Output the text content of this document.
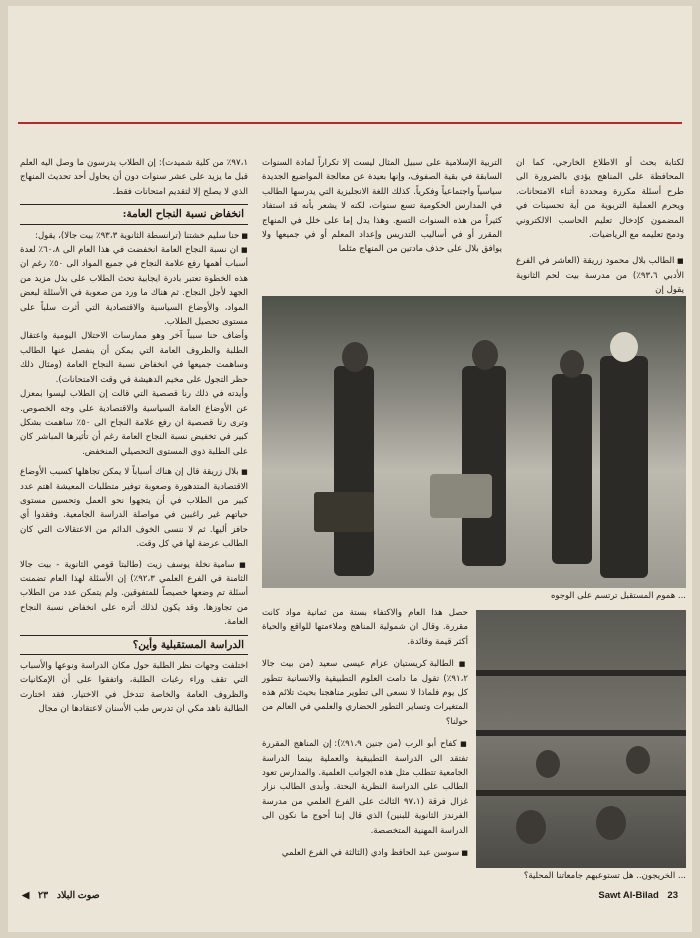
لكتابة بحث أو الاطلاع الخارجي، كما ان المحافظة على المناهج يؤدي بالضرورة الى طرح أسئلة مكررة ومحددة أثناء الامتحانات. ويحرم العملية التربوية من أية تحسينات في المضمون كإدخال تعليم الحاسب الالكتروني ودمج تعليمه مع الرياضيات.

■ الطالب بلال محمود زريقة (العاشر في الفرع الأدبي ٩٣،٦٪) من مدرسة بيت لحم الثانوية يقول إن

التربية الإسلامية على سبيل المثال ليست إلا تكراراً لمادة السنوات السابقة في بقية الصفوف، وإنها بعيدة عن معالجة المواضيع الجديدة سياسياً واجتماعياً وفكرياً. كذلك اللغة الانجليزية التي يدرسها الطالب في المدارس الحكومية تسع سنوات، لكنه لا يشعر بأنه قد استفاد كثيراً من هذه السنوات التسع. وهذا يدل إما على خلل في المنهاج المقرر أو في أساليب التدريس وإعداد المعلم أو في جميعها ولا يوافق بلال على حذف مادتين من المنهاج مثلما

٩٧،١٪ من كلية شميدت): إن الطلاب يدرسون ما وصل اليه العلم قبل ما يزيد على عشر سنوات دون أن يحاول أحد تحديث المنهاج الذي لا يصلح إلا لتقديم امتحانات فقط.

انخفاض نسبة النجاح العامة:

■ حنا سليم خشتنا (ترانسطة الثانوية ٩٣،٣٪ بيت جالا)، يقول:

■ ان نسبة النجاح العامة انخفضت في هذا العام الى ٦٠،٨٪ لعدة أسباب أهمها رفع علامة النجاح في جميع المواد الى ٥٠٪ رغم ان هذه الخطوة تعتبر بادرة ايجابية تحث الطلاب على بذل مزيد من الجهد لأجل النجاح. ثم هناك ما ورد من صعوبة في الأسئلة لبعض المواد، والأوضاع السياسية والاقتصادية التي أثرت سلباً على مستوى تحصيل الطلاب.

وأضاف حنا سبباً آخر وهو ممارسات الاحتلال اليومية واعتقال الطلبة والظروف العامة التي يمكن أن ينفصل عنها الطالب وساهمت جميعها في انخفاض نسبة النجاح العامة (ومثال ذلك حظر التجول على مخيم الدهيشة في وقت الامتحانات).

وأيدته في ذلك رنا قصصية التي قالت إن الطلاب ليسوا بمعزل عن الأوضاع العامة السياسية والاقتصادية على وجه الخصوص. وترى رنا قصصية ان رفع علامة النجاح الى ٥٠٪ ساهمت بشكل كبير في تخفيض نسبة النجاح العامة رغم أن تأثيرها المباشر كان على الطلبة ذوي المستوى التحصيلي المنخفض.

■ بلال زريقة قال إن هناك أسباباً لا يمكن تجاهلها كسبب الأوضاع الاقتصادية المتدهورة وصعوبة توفير متطلبات المعيشة اهتم عدد كبير من الطلاب في أن يتجهوا نحو العمل وتحسين مستوى حياتهم غير راغبين في مواصلة الدراسة الجامعية. وفقدوا أي حافز أليها. ثم لا ننسى الخوف الدائم من الاعتقالات التي كان الطالب عرضة لها في كل وقت.

■ سامية نخلة يوسف زيت (طالبتا قومي الثانوية - بيت جالا الثامنة في الفرع العلمي ٩٢،٣٪) إن الأسئلة لهذا العام تضمنت أسئلة تم وضعها خصيصاً للمتفوقين. ولم يتمكن عدد من الطلاب من تجاوزها. وقد يكون لذلك أثره على انخفاض نسبة النجاح العامة.

الدراسة المستقبلية وأين؟

اختلفت وجهات نظر الطلبة حول مكان الدراسة ونوعها والأسباب التي تقف وراء رغبات الطلبة، واتفقوا على أن الإمكانيات والظروف العامة والخاصة تتدخل في الاختيار. فقد اختارت الطالبة ناهد مكي ان تدرس طب الأسنان لاعتقادها ان مجال

... هموم المستقبل ترتسم على الوجوه

حصل هذا العام والاكتفاء بستة من ثمانية مواد كانت مقررة. وقال ان شمولية المناهج وملاءمتها للواقع والحياة أكثر قيمة وفائدة.

■ الطالبة كريستيان عزام عيسى سعيد (من بيت جالا ٩١،٢٪) تقول ما دامت العلوم التطبيقية والانسانية تتطور كل يوم فلماذا لا نسعى الى تطوير مناهجنا بحيث تلائم هذه المتغيرات وتساير التطور الحضاري والعلمي في العالم من حولنا؟

■ كفاح أبو الرب (من جنين ٩١،٩٪): إن المناهج المقررة تفتقد الى الدراسة التطبيقية والعملية بينما الدراسة الجامعية تتطلب مثل هذه الجوانب العلمية. والمدارس تعود الطالب على الدراسة النظرية البحتة. وأبدى الطالب نزار غزال فرقة (٩٧،١ الثالث على الفرع العلمي من مدرسة الفرندز الثانوية للبنين) الذي قال إننا أحوج ما نكون الى الدراسة المهنية المتخصصة.

■ سوسن عبد الحافظ وادي (الثالثة في الفرع العلمي

... الخريجون.. هل تستوعبهم جامعاتنا المحلية؟
Sawt Al-Bilad 23
صوت البلاد ٢٣ ◀
